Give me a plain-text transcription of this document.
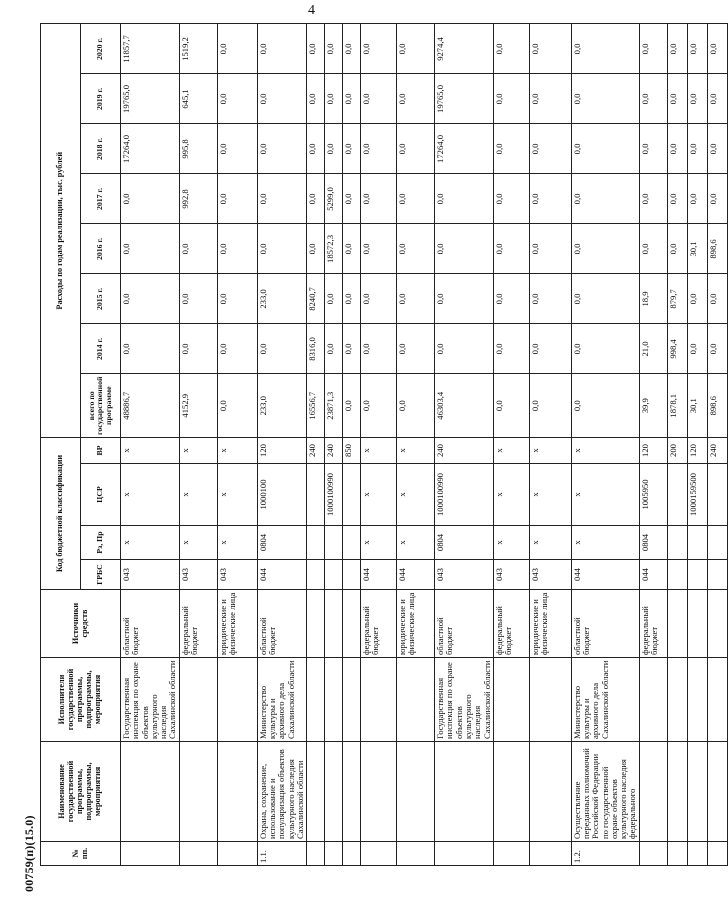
4
00759(п)(15.0)	№ пп.	Наименование государственной программы, подпрограммы, мероприятия	Исполнители государственной программы, подпрограммы, мероприятия	Источники средств	Код бюджетной классификации				Расходы по годам реализации, тыс. рублей							
				ГРБС	Рз, Пр	ЦСР	ВР	всего по государственной программе	2014 г.	2015 г.	2016 г.	2017 г.	2018 г.	2019 г.	2020 г.
		Государственная инспекция по охране объектов культурного наследия Сахалинской области	областной бюджет	043	х	х	х	48886,7	0,0	0,0	0,0	0,0	17264,0	19765,0	11857,7
			федеральный бюджет	043	х	х	х	4152,9	0,0	0,0	0,0	992,8	995,8	645,1	1519,2
			юридические и физические лица	043	х	х	х	0,0	0,0	0,0	0,0	0,0	0,0	0,0	0,0
1.1.	Охрана, сохранение, использование и популяризация объектов культурного наследия Сахалинской области	Министерство культуры и архивного дела Сахалинской области	областной бюджет	044	0804	1000100	120	233,0	0,0	233,0	0,0	0,0	0,0	0,0	0,0
							240	16556,7	8316,0	8240,7	0,0	0,0	0,0	0,0	0,0
						1000100990	240	23871,3	0,0	0,0	18572,3	5299,0	0,0	0,0	0,0
							850	0,0	0,0	0,0	0,0	0,0	0,0	0,0	0,0
			федеральный бюджет	044	х	х	х	0,0	0,0	0,0	0,0	0,0	0,0	0,0	0,0
			юридические и физические лица	044	х	х	х	0,0	0,0	0,0	0,0	0,0	0,0	0,0	0,0
		Государственная инспекция по охране объектов культурного наследия Сахалинской области	областной бюджет	043	0804	1000100990	240	46303,4	0,0	0,0	0,0	0,0	17264,0	19765,0	9274,4
			федеральный бюджет	043	х	х	х	0,0	0,0	0,0	0,0	0,0	0,0	0,0	0,0
			юридические и физические лица	043	х	х	х	0,0	0,0	0,0	0,0	0,0	0,0	0,0	0,0
1.2.	Осуществление переданных полномочий Российской Федерации по государственной охране объектов культурного наследия федерального	Министерство культуры и архивного дела Сахалинской области	областной бюджет	044	х	х	х	0,0	0,0	0,0	0,0	0,0	0,0	0,0	0,0
			федеральный бюджет	044	0804	1005950	120	39,9	21,0	18,9	0,0	0,0	0,0	0,0	0,0
							200	1878,1	998,4	879,7	0,0	0,0	0,0	0,0	0,0
						1000159500	120	30,1	0,0	0,0	30,1	0,0	0,0	0,0	0,0
							240	898,6	0,0	0,0	898,6	0,0	0,0	0,0	0,0
